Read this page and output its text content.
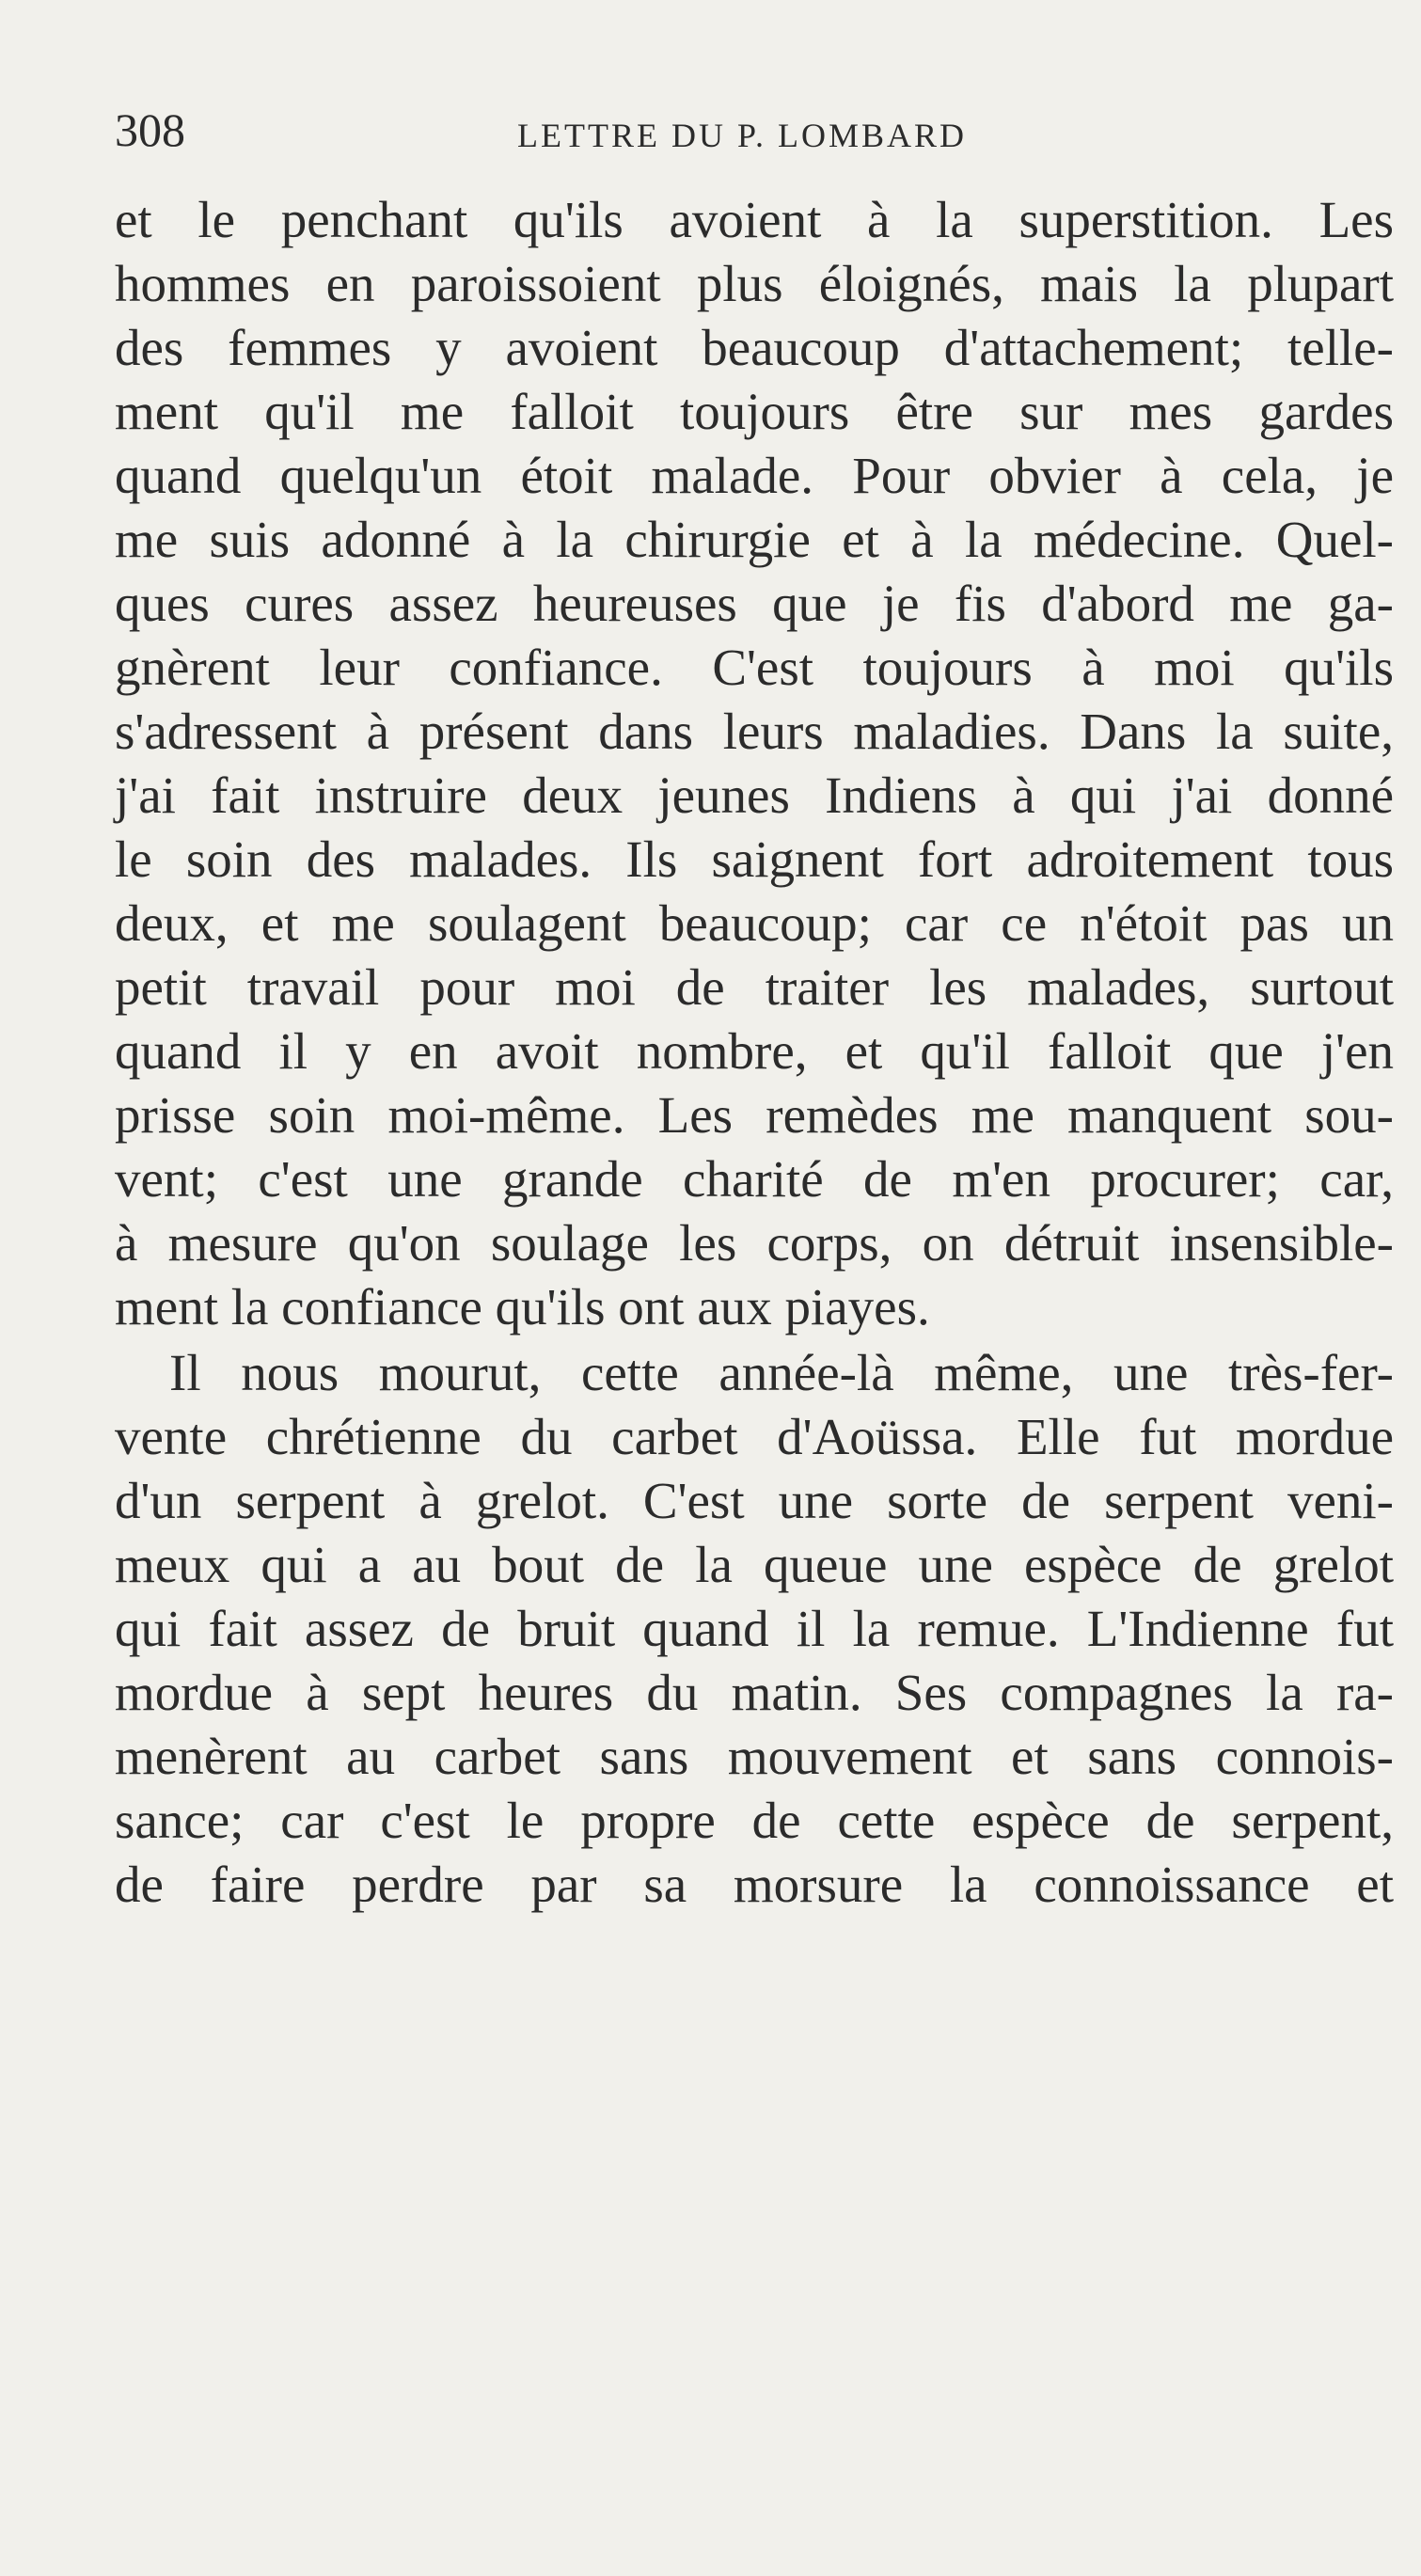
308	LETTRE DU P. LOMBARD
et le penchant qu'ils avoient à la superstition. Les
hommes en paroissoient plus éloignés, mais la plupart
des femmes y avoient beaucoup d'attachement; telle-
ment qu'il me falloit toujours être sur mes gardes
quand quelqu'un étoit malade. Pour obvier à cela, je
me suis adonné à la chirurgie et à la médecine. Quel-
ques cures assez heureuses que je fis d'abord me ga-
gnèrent leur confiance. C'est toujours à moi qu'ils
s'adressent à présent dans leurs maladies. Dans la suite,
j'ai fait instruire deux jeunes Indiens à qui j'ai donné
le soin des malades. Ils saignent fort adroitement tous
deux, et me soulagent beaucoup; car ce n'étoit pas un
petit travail pour moi de traiter les malades, surtout
quand il y en avoit nombre, et qu'il falloit que j'en
prisse soin moi-même. Les remèdes me manquent sou-
vent; c'est une grande charité de m'en procurer; car,
à mesure qu'on soulage les corps, on détruit insensible-
ment la confiance qu'ils ont aux piayes.
Il nous mourut, cette année-là même, une très-fer-
vente chrétienne du carbet d'Aoüssa. Elle fut mordue
d'un serpent à grelot. C'est une sorte de serpent veni-
meux qui a au bout de la queue une espèce de grelot
qui fait assez de bruit quand il la remue. L'Indienne fut
mordue à sept heures du matin. Ses compagnes la ra-
menèrent au carbet sans mouvement et sans connois-
sance; car c'est le propre de cette espèce de serpent,
de faire perdre par sa morsure la connoissance et
